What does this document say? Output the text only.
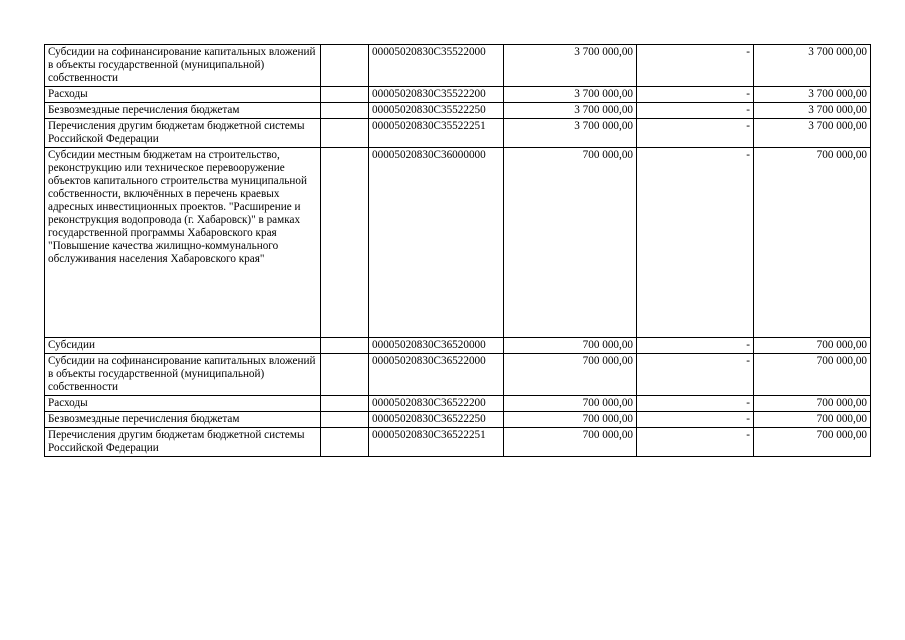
Субсидии на софинансирование капитальных вложений в объекты государственной (муниципальной) собственности		00005020830C35522000	3 700 000,00	-	3 700 000,00
Расходы		00005020830C35522200	3 700 000,00	-	3 700 000,00
Безвозмездные перечисления бюджетам		00005020830C35522250	3 700 000,00	-	3 700 000,00
Перечисления другим бюджетам бюджетной системы Российской Федерации		00005020830C35522251	3 700 000,00	-	3 700 000,00
Субсидии местным бюджетам на строительство, реконструкцию или техническое перевооружение объектов капитального строительства муниципальной собственности, включённых в перечень краевых адресных инвестиционных проектов. "Расширение и реконструкция водопровода (г. Хабаровск)" в рамках государственной программы Хабаровского края "Повышение качества жилищно-коммунального обслуживания населения Хабаровского края"		00005020830C36000000	700 000,00	-	700 000,00
Субсидии		00005020830C36520000	700 000,00	-	700 000,00
Субсидии на софинансирование капитальных вложений в объекты государственной (муниципальной) собственности		00005020830C36522000	700 000,00	-	700 000,00
Расходы		00005020830C36522200	700 000,00	-	700 000,00
Безвозмездные перечисления бюджетам		00005020830C36522250	700 000,00	-	700 000,00
Перечисления другим бюджетам бюджетной системы Российской Федерации		00005020830C36522251	700 000,00	-	700 000,00
